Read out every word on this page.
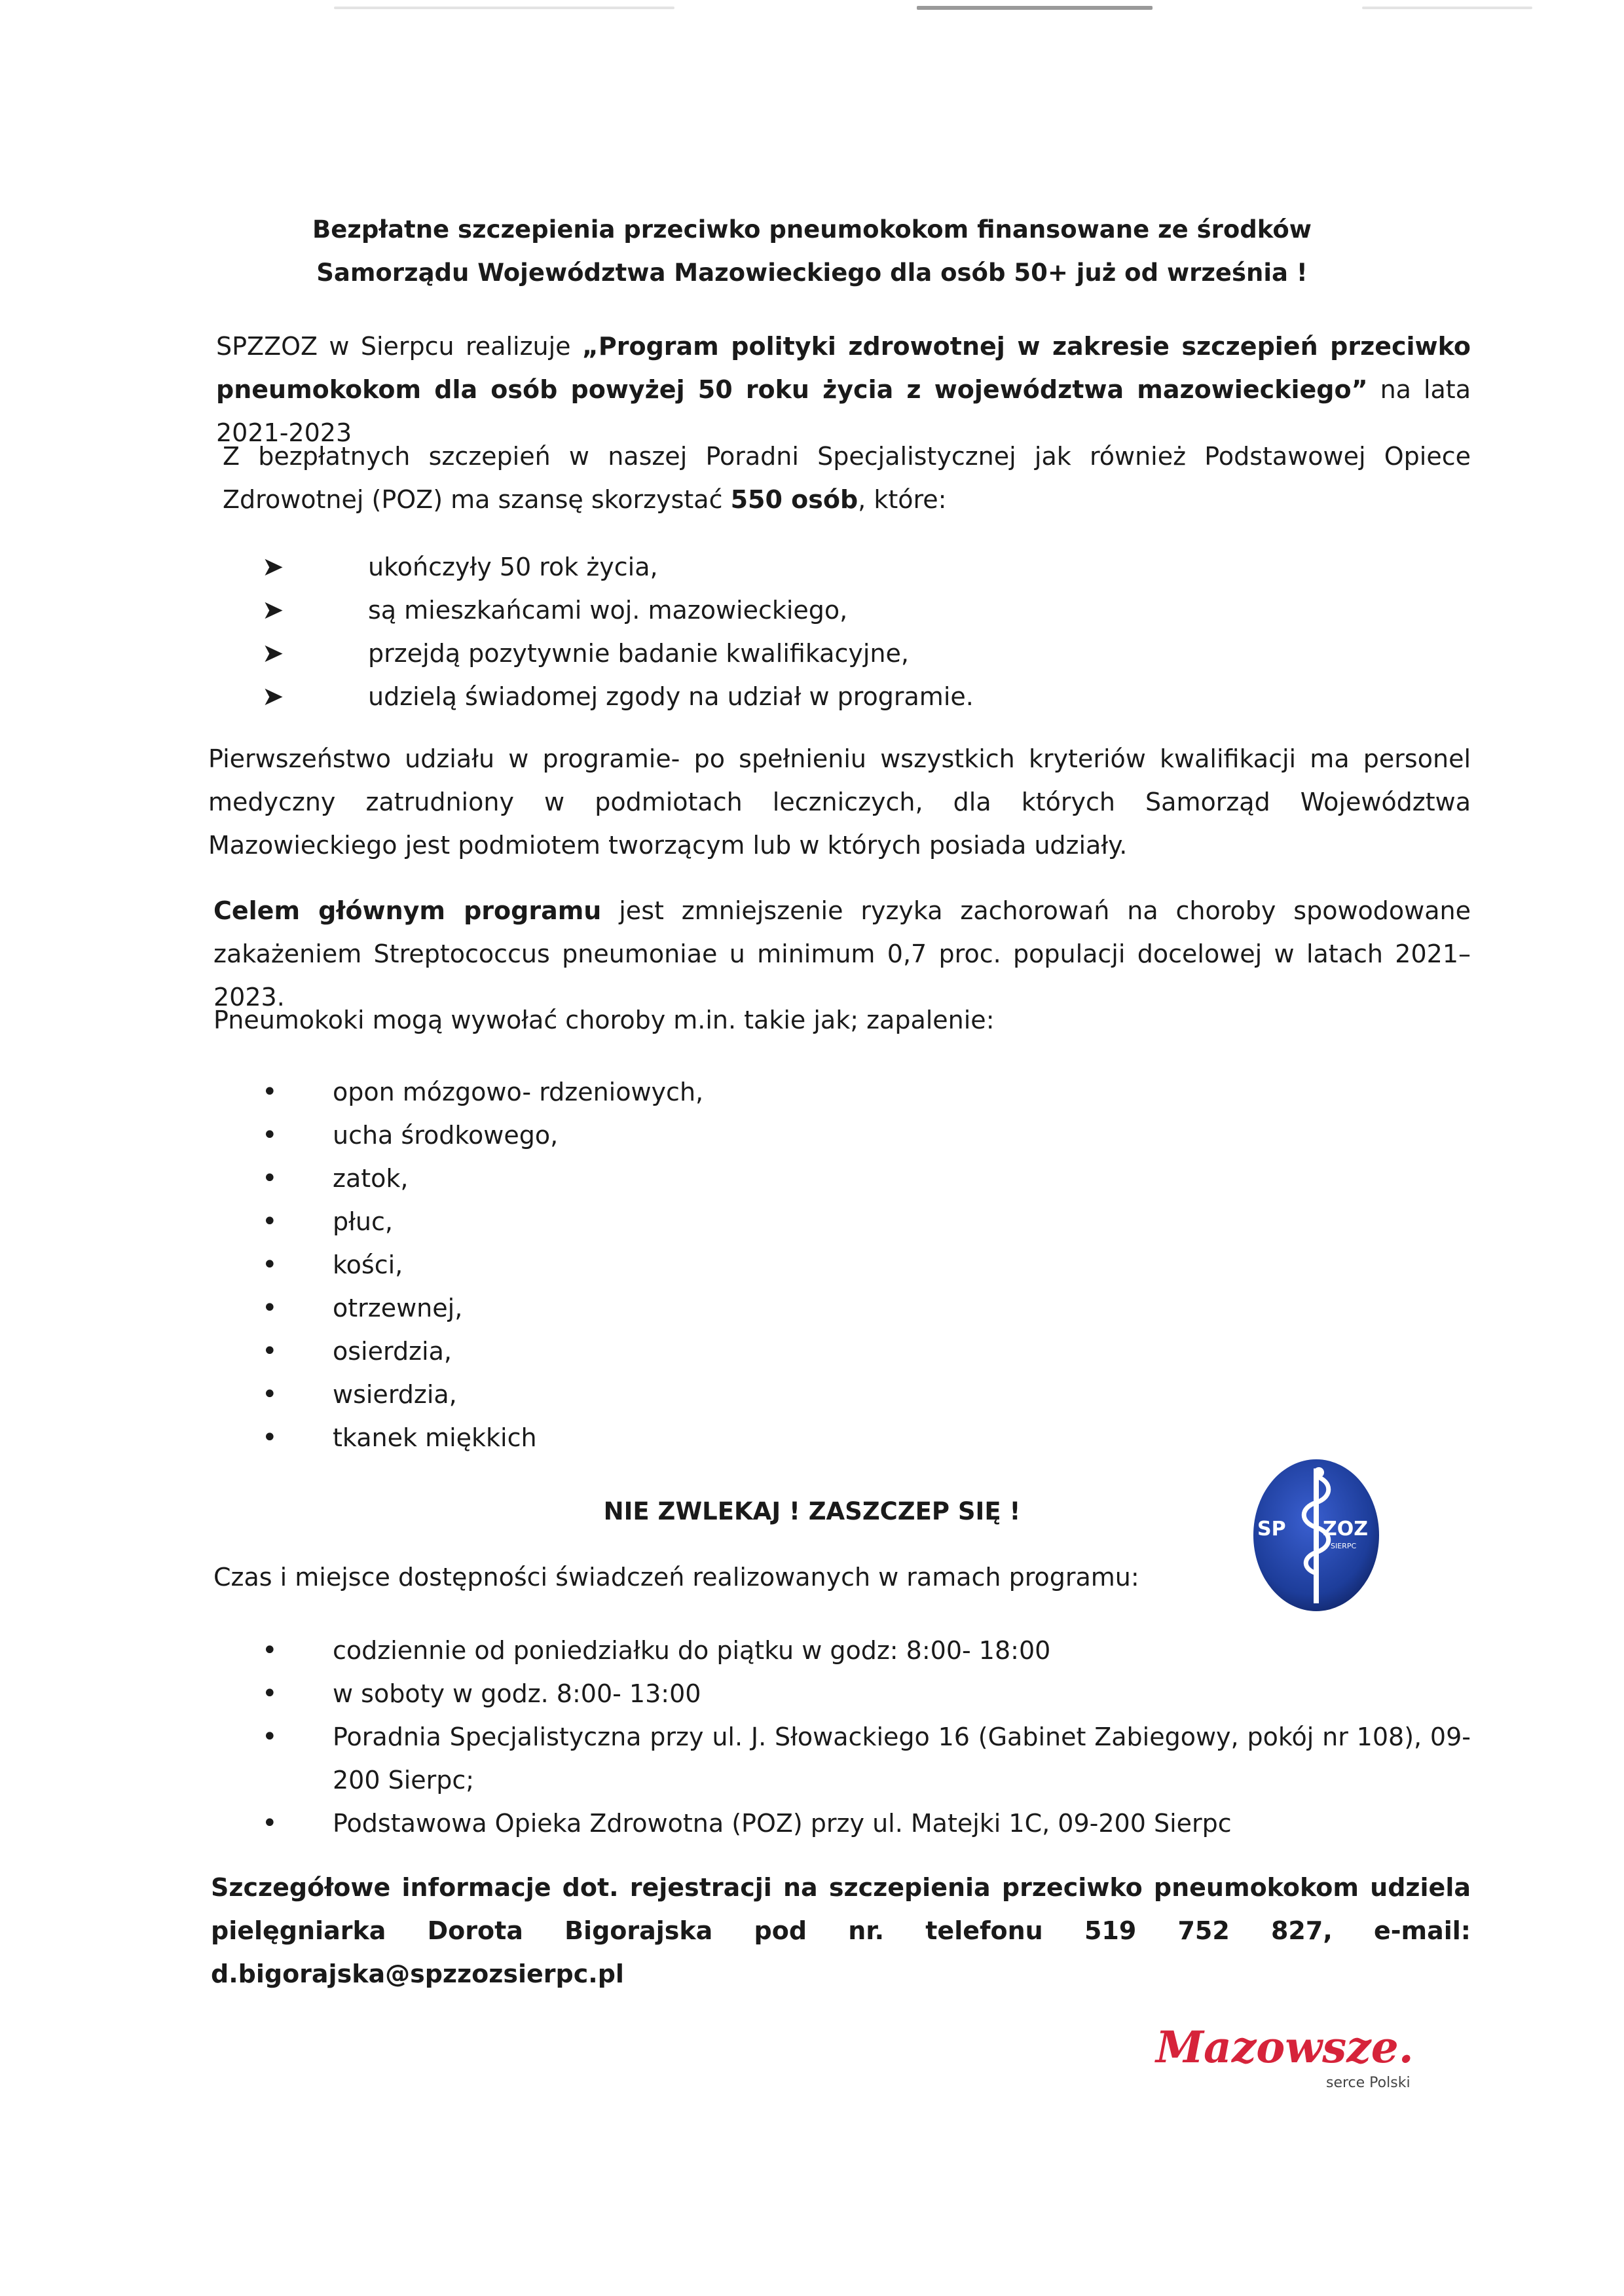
Bezpłatne szczepienia przeciwko pneumokokom finansowane ze środków
Samorządu Województwa Mazowieckiego dla osób 50+ już od września !
SPZZOZ w Sierpcu realizuje „Program polityki zdrowotnej w zakresie szczepień przeciwko pneumokokom dla osób powyżej 50 roku życia z województwa mazowieckiego” na lata 2021-2023
Z bezpłatnych szczepień w naszej Poradni Specjalistycznej jak również Podstawowej Opiece Zdrowotnej (POZ) ma szansę skorzystać 550 osób, które:
➤	ukończyły 50 rok życia,
➤	są mieszkańcami woj. mazowieckiego,
➤	przejdą pozytywnie badanie kwalifikacyjne,
➤	udzielą świadomej zgody na udział w programie.
Pierwszeństwo udziału w programie- po spełnieniu wszystkich kryteriów kwalifikacji ma personel medyczny zatrudniony w podmiotach leczniczych, dla których Samorząd Województwa Mazowieckiego jest podmiotem tworzącym lub w których posiada udziały.
Celem głównym programu jest zmniejszenie ryzyka zachorowań na choroby spowodowane zakażeniem Streptococcus pneumoniae u minimum 0,7 proc. populacji docelowej w latach 2021–2023.
Pneumokoki mogą wywołać choroby m.in. takie jak; zapalenie:
• opon mózgowo- rdzeniowych,
• ucha środkowego,
• zatok,
• płuc,
• kości,
• otrzewnej,
• osierdzia,
• wsierdzia,
• tkanek miękkich
NIE ZWLEKAJ ! ZASZCZEP SIĘ !
SP ZOZ
SIERPC
Czas i miejsce dostępności świadczeń realizowanych w ramach programu:
• codziennie od poniedziałku do piątku w godz: 8:00- 18:00
• w soboty w godz. 8:00- 13:00
• Poradnia Specjalistyczna przy ul. J. Słowackiego 16 (Gabinet Zabiegowy, pokój nr 108), 09-200 Sierpc;
• Podstawowa Opieka Zdrowotna (POZ) przy ul. Matejki 1C, 09-200 Sierpc
Szczegółowe informacje dot. rejestracji na szczepienia przeciwko pneumokokom udziela pielęgniarka Dorota Bigorajska pod nr. telefonu 519 752 827, e-mail: d.bigorajska@spzzozsierpc.pl
Mazowsze.
serce Polski
